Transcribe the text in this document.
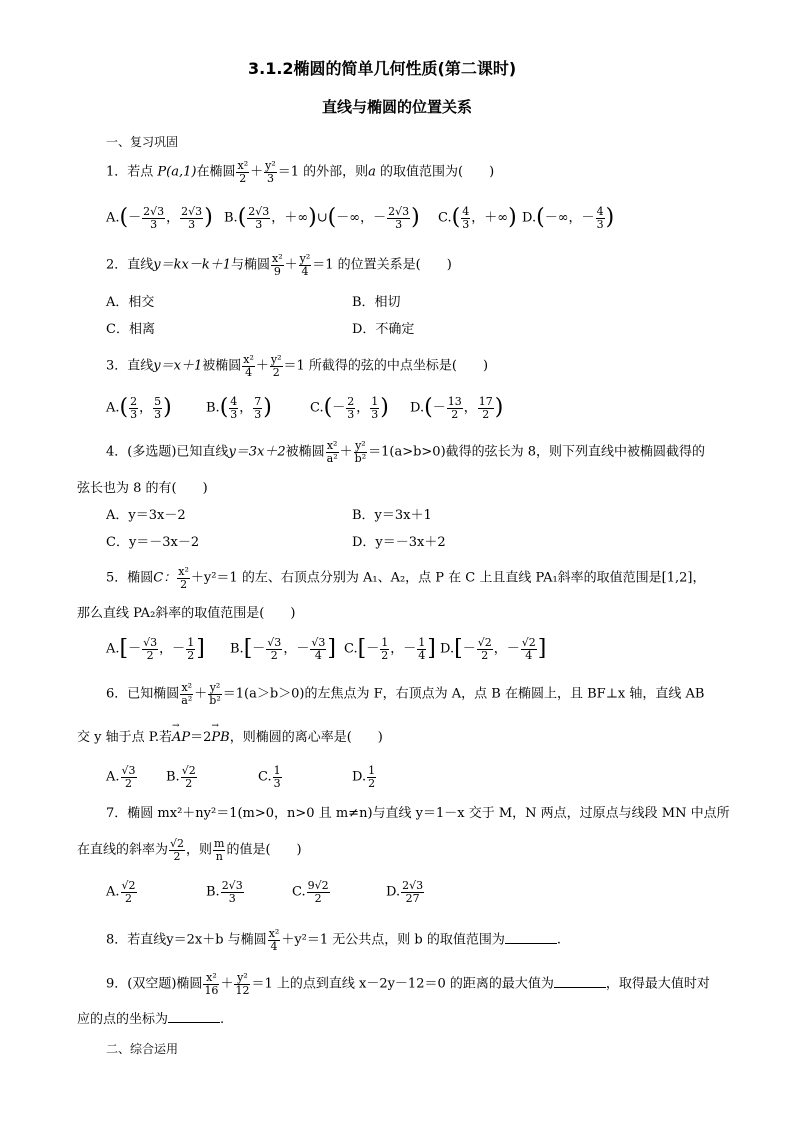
3.1.2椭圆的简单几何性质(第二课时)
直线与椭圆的位置关系
一、复习巩固
1．若点 P(a,1)在椭圆 $\frac{\text{x²}}{2} + \frac{\text{y²}}{3} =1$ 的外部，则a 的取值范围为(　　)
$A.(- \frac{2√3}{3}$ ， $\frac{2√3}{3}$ ) $B.( \frac{2√3}{3}$ ，＋∞)∪(－∞，－ $\frac{2√3}{3}$ ) $C.( \frac{4}{3}$ ，＋∞) D.(－∞，－ $\frac{4}{3}$ )
2．直线y＝kx－k＋1与椭圆 $\frac{\text{x²}}{9} + \frac{\text{y²}}{4} =1$ 的位置关系是(　　)
A．相交	B．相切
C．相离	D．不确定
3．直线y＝x＋1被椭圆 $\frac{\text{x²}}{4} + \frac{\text{y²}}{2} =1$ 所截得的弦的中点坐标是(　　)
$A.( \frac{2}{3}$ ， $\frac{5}{3}$ )	$B.( \frac{4}{3}$ ， $\frac{7}{3}$ )	$C.(- \frac{2}{3}$ ， $\frac{1}{3}$ ) $D.(- \frac{13}{2}$ ， $\frac{17}{2}$ )
4．(多选题)已知直线y＝3x＋2被椭圆 $\frac{\text{x²}}{\text{a²}} + \frac{\text{y²}}{\text{b²}} =1(a>b>0)$截得的弦长为 8，则下列直线中被椭圆截得的
弦长也为 8 的有(　　)
A．y＝3x－2	B．y＝3x＋1
C．y＝－3x－2	D．y＝－3x＋2
5．椭圆C： $\frac{\text{x²}}{2} +y^2=1$ 的左、右顶点分别为 A₁、A₂，点 P 在 C 上且直线 PA₁斜率的取值范围是[1,2]，
那么直线 PA₂斜率的取值范围是(　　)
$A.[- \frac{√3}{2}$ ，－ $\frac{1}{2}$ ] $B.[- \frac{√3}{2}$ ，－ $\frac{√3}{4}$ ] $C.[- \frac{1}{2}$ ，－ $\frac{1}{4}$ ] $D.[- \frac{√2}{2}$ ，－ $\frac{√2}{4}$ ]
6．已知椭圆 $\frac{\text{x²}}{\text{a²}} + \frac{\text{y²}}{\text{b²}} =1(a>b>0)$的左焦点为 F，右顶点为 A，点 B 在椭圆上，且 BF⊥x 轴，直线 AB
交 y 轴于点 P.若→ AP＝2→ PB，则椭圆的离心率是(　　)
A. $\frac{√3}{2} B$. $\frac{√2}{2}$	C. $\frac{1}{3}$	D. $\frac{1}{2}$
7．椭圆 mx²＋ny²＝1(m>0，n>0 且 m≠n)与直线 y＝1－x 交于 M，N 两点，过原点与线段 MN 中点所
在直线的斜率为 $\frac{√2}{2}$ ，则 $\frac{m}{n}$ 的值是(　　)
A. $\frac{√2}{2}$	B. $\frac{2√3}{3}$	C. $\frac{9√2}{2}$	D. $\frac{2√3}{27}$
8．若直线y＝2x＋b 与椭圆 $\frac{\text{x²}}{4} +y^2=1$ 无公共点，则 b 的取值范围为	.
9．(双空题)椭圆 $\frac{\text{x²}}{16} + \frac{\text{y²}}{12} =1$ 上的点到直线 x－2y－12＝0 的距离的最大值为	，取得最大值时对
应的点的坐标为	.
二、综合运用
